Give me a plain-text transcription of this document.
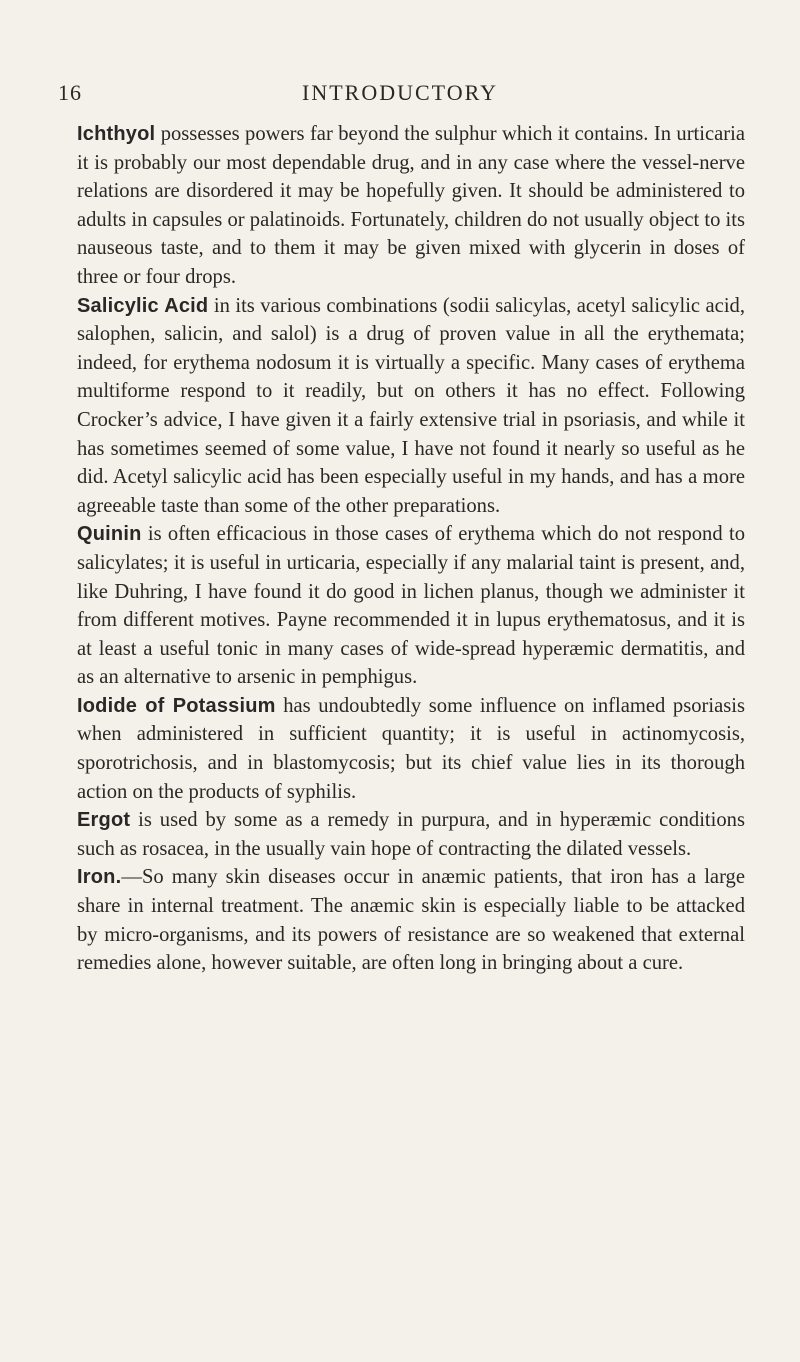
16	INTRODUCTORY

Ichthyol possesses powers far beyond the sulphur which it contains. In urticaria it is probably our most dependable drug, and in any case where the vessel-nerve relations are disordered it may be hopefully given. It should be administered to adults in capsules or palatinoids. Fortunately, children do not usually object to its nauseous taste, and to them it may be given mixed with glycerin in doses of three or four drops.

Salicylic Acid in its various combinations (sodii salicylas, acetyl salicylic acid, salophen, salicin, and salol) is a drug of proven value in all the erythemata; indeed, for erythema nodosum it is virtually a specific. Many cases of erythema multiforme respond to it readily, but on others it has no effect. Following Crocker’s advice, I have given it a fairly extensive trial in psoriasis, and while it has sometimes seemed of some value, I have not found it nearly so useful as he did. Acetyl salicylic acid has been especially useful in my hands, and has a more agreeable taste than some of the other preparations.

Quinin is often efficacious in those cases of erythema which do not respond to salicylates; it is useful in urticaria, especially if any malarial taint is present, and, like Duhring, I have found it do good in lichen planus, though we administer it from different motives. Payne recommended it in lupus erythematosus, and it is at least a useful tonic in many cases of wide-spread hyperæmic dermatitis, and as an alternative to arsenic in pemphigus.

Iodide of Potassium has undoubtedly some influence on inflamed psoriasis when administered in sufficient quantity; it is useful in actinomycosis, sporotrichosis, and in blastomycosis; but its chief value lies in its thorough action on the products of syphilis.

Ergot is used by some as a remedy in purpura, and in hyperæmic conditions such as rosacea, in the usually vain hope of contracting the dilated vessels.

Iron.—So many skin diseases occur in anæmic patients, that iron has a large share in internal treatment. The anæmic skin is especially liable to be attacked by micro-organisms, and its powers of resistance are so weakened that external remedies alone, however suitable, are often long in bringing about a cure.
